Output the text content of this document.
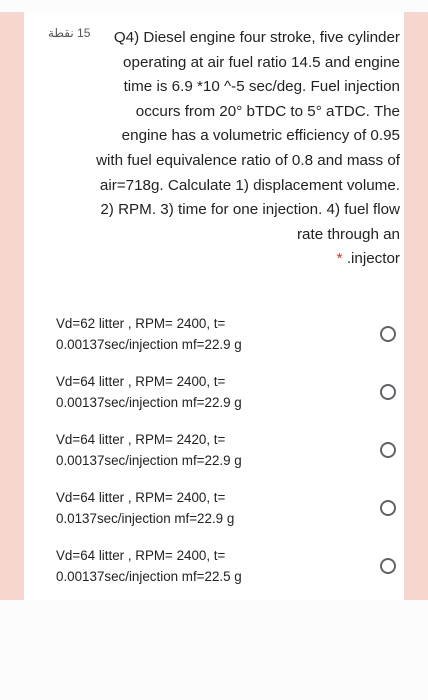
15 نقطة	Q4) Diesel engine four stroke, five cylinder operating at air fuel ratio 14.5 and engine time is 6.9 *10 ^-5 sec/deg. Fuel injection occurs from 20° bTDC to 5° aTDC. The engine has a volumetric efficiency of 0.95 with fuel equivalence ratio of 0.8 and mass of air=718g. Calculate 1) displacement volume. 2) RPM. 3) time for one injection. 4) fuel flow rate through an
* .injector
Vd=62 litter , RPM= 2400, t=
0.00137sec/injection mf=22.9 g
Vd=64 litter , RPM= 2400, t=
0.00137sec/injection mf=22.9 g
Vd=64 litter , RPM= 2420, t=
0.00137sec/injection mf=22.9 g
Vd=64 litter , RPM= 2400, t=
0.0137sec/injection mf=22.9 g
Vd=64 litter , RPM= 2400, t=
0.00137sec/injection mf=22.5 g
